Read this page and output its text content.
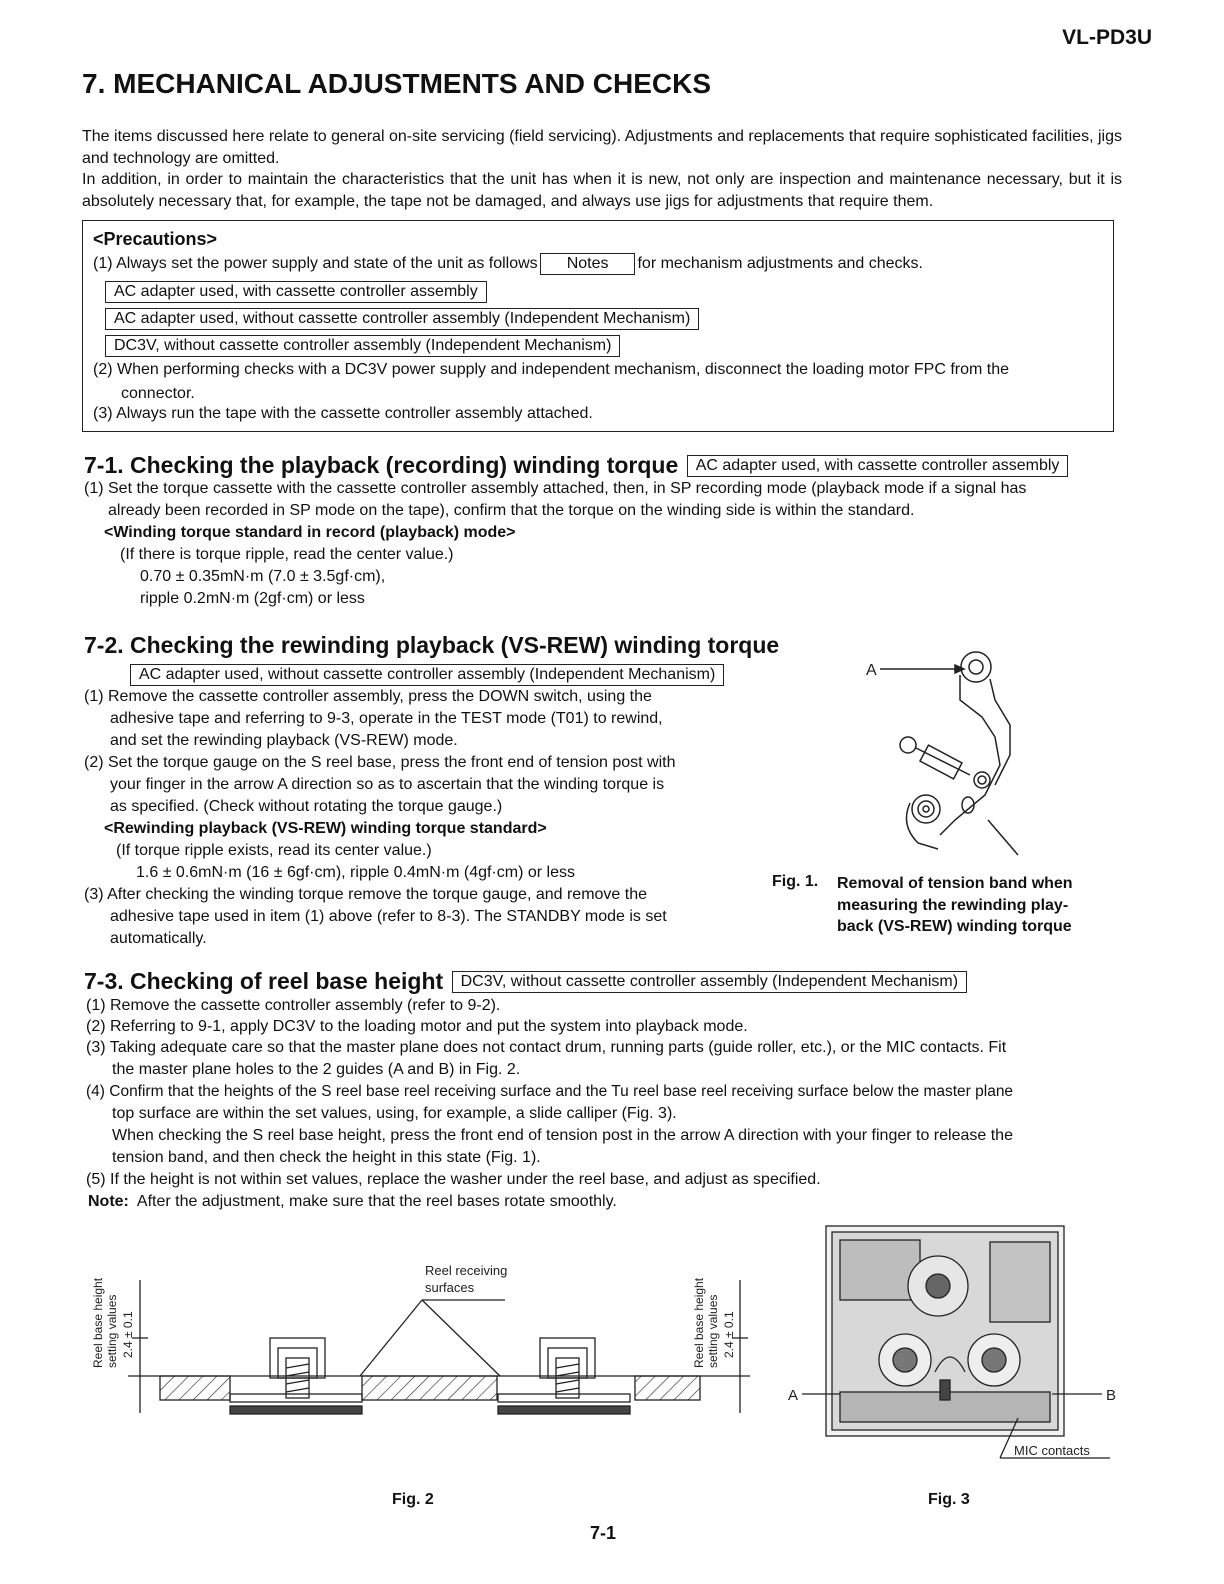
VL-PD3U
7. MECHANICAL ADJUSTMENTS AND CHECKS
The items discussed here relate to general on-site servicing (field servicing). Adjustments and replacements that require sophisticated facilities, jigs and technology are omitted.
In addition, in order to maintain the characteristics that the unit has when it is new, not only are inspection and maintenance necessary, but it is absolutely necessary that, for example, the tape not be damaged, and always use jigs for adjustments that require them.
<Precautions>
(1) Always set the power supply and state of the unit as follows Notes for mechanism adjustments and checks.
AC adapter used, with cassette controller assembly
AC adapter used, without cassette controller assembly (Independent Mechanism)
DC3V, without cassette controller assembly (Independent Mechanism)
(2) When performing checks with a DC3V power supply and independent mechanism, disconnect the loading motor FPC from the
connector.
(3) Always run the tape with the cassette controller assembly attached.
7-1. Checking the playback (recording) winding torque AC adapter used, with cassette controller assembly
(1) Set the torque cassette with the cassette controller assembly attached, then, in SP recording mode (playback mode if a signal has
already been recorded in SP mode on the tape), confirm that the torque on the winding side is within the standard.
<Winding torque standard in record (playback) mode>
(If there is torque ripple, read the center value.)
0.70 ± 0.35mN·m (7.0 ± 3.5gf·cm),
ripple 0.2mN·m (2gf·cm) or less
7-2. Checking the rewinding playback (VS-REW) winding torque
AC adapter used, without cassette controller assembly (Independent Mechanism)
(1) Remove the cassette controller assembly, press the DOWN switch, using the
adhesive tape and referring to 9-3, operate in the TEST mode (T01) to rewind,
and set the rewinding playback (VS-REW) mode.
(2) Set the torque gauge on the S reel base, press the front end of tension post with
your finger in the arrow A direction so as to ascertain that the winding torque is
as specified. (Check without rotating the torque gauge.)
<Rewinding playback (VS-REW) winding torque standard>
(If torque ripple exists, read its center value.)
1.6 ± 0.6mN·m (16 ± 6gf·cm), ripple 0.4mN·m (4gf·cm) or less
(3) After checking the winding torque remove the torque gauge, and remove the
adhesive tape used in item (1) above (refer to 8-3). The STANDBY mode is set
automatically.
A
Fig. 1. Removal of tension band when
measuring the rewinding play-
back (VS-REW) winding torque
7-3. Checking of reel base height DC3V, without cassette controller assembly (Independent Mechanism)
(1) Remove the cassette controller assembly (refer to 9-2).
(2) Referring to 9-1, apply DC3V to the loading motor and put the system into playback mode.
(3) Taking adequate care so that the master plane does not contact drum, running parts (guide roller, etc.), or the MIC contacts. Fit
the master plane holes to the 2 guides (A and B) in Fig. 2.
(4) Confirm that the heights of the S reel base reel receiving surface and the Tu reel base reel receiving surface below the master plane
top surface are within the set values, using, for example, a slide calliper (Fig. 3).
When checking the S reel base height, press the front end of tension post in the arrow A direction with your finger to release the
tension band, and then check the height in this state (Fig. 1).
(5) If the height is not within set values, replace the washer under the reel base, and adjust as specified.
Note: After the adjustment, make sure that the reel bases rotate smoothly.
Reel receiving
surfaces
Reel base height setting values 2.4 ± 0.1	Reel base height setting values 2.4 ± 0.1
Fig. 2
A	B
MIC contacts
Fig. 3
7-1
